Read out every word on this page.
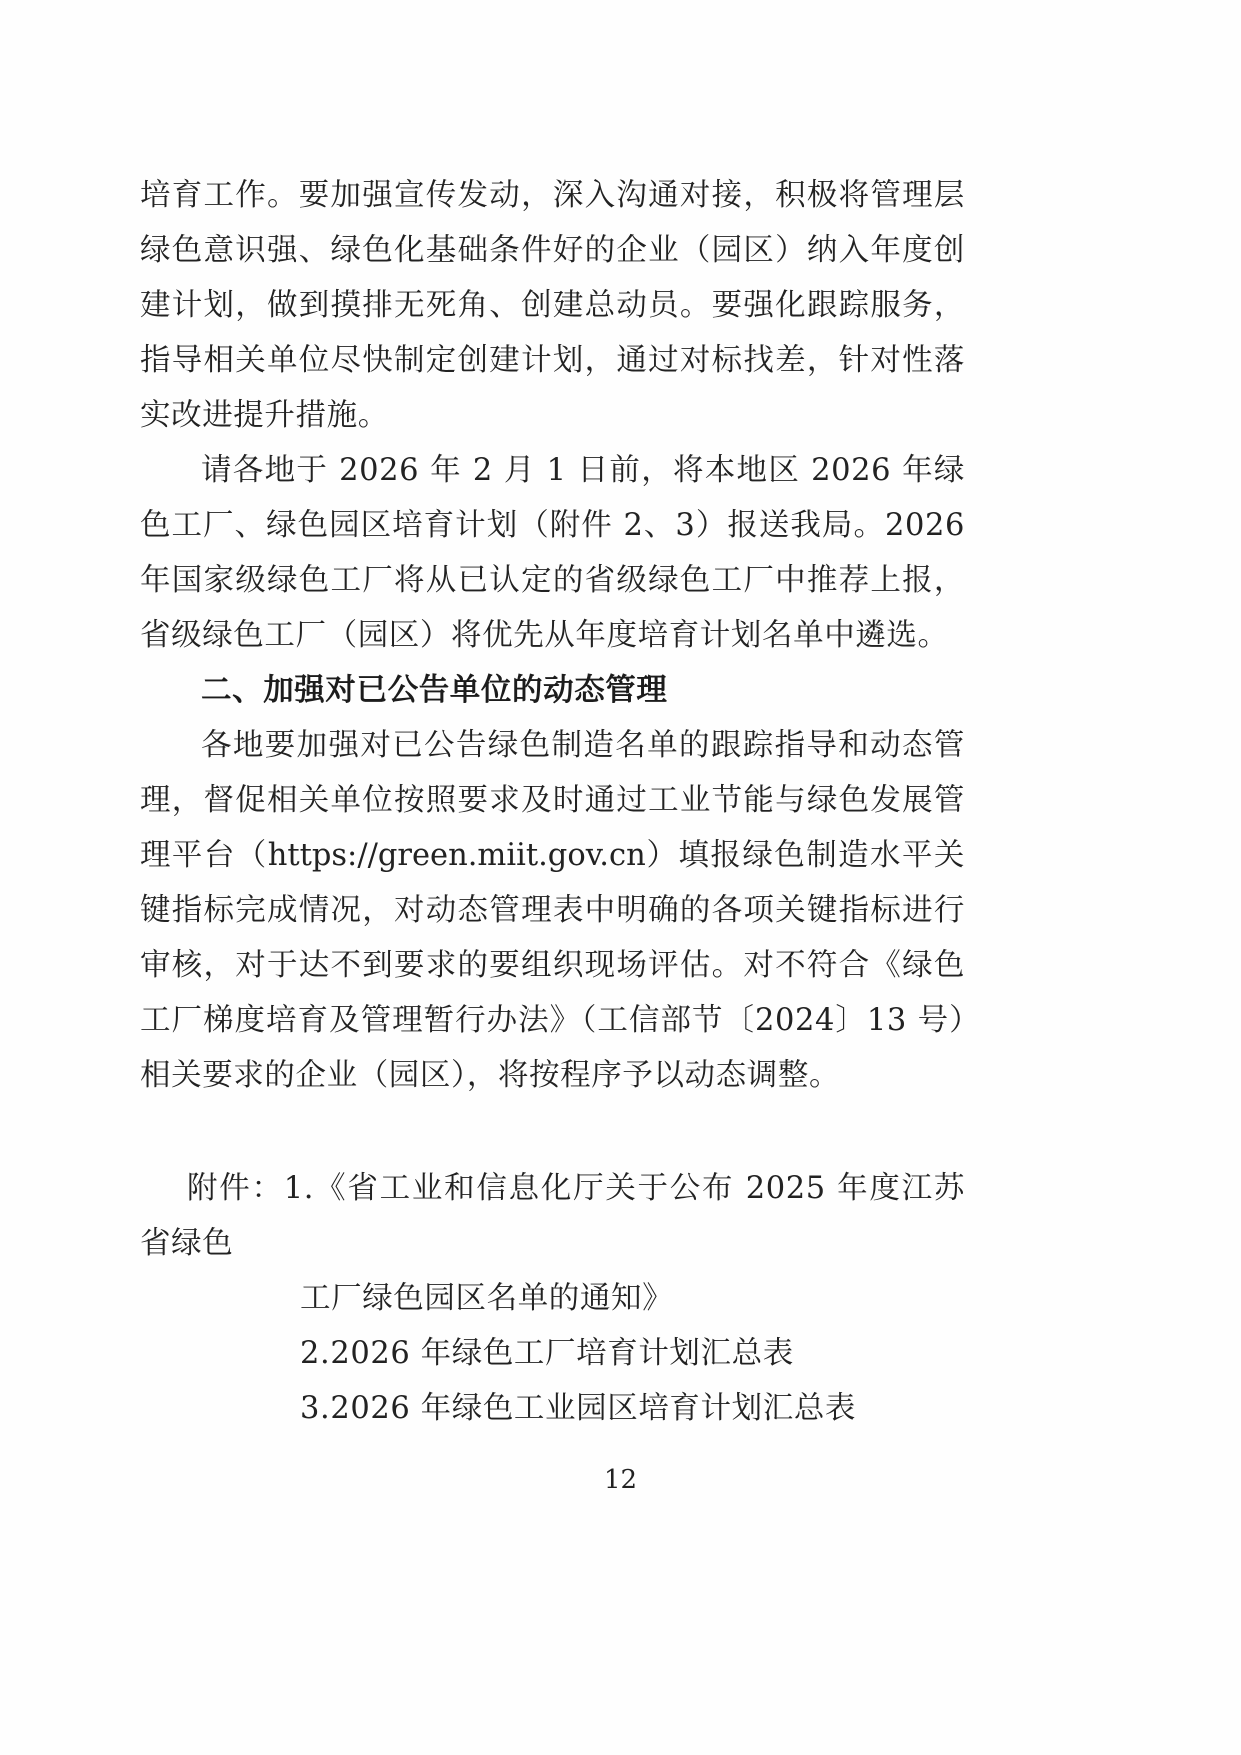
培育工作。要加强宣传发动，深入沟通对接，积极将管理层绿色意识强、绿色化基础条件好的企业（园区）纳入年度创建计划，做到摸排无死角、创建总动员。要强化跟踪服务，指导相关单位尽快制定创建计划，通过对标找差，针对性落实改进提升措施。

请各地于 2026 年 2 月 1 日前，将本地区 2026 年绿色工厂、绿色园区培育计划（附件 2、3）报送我局。2026 年国家级绿色工厂将从已认定的省级绿色工厂中推荐上报，省级绿色工厂（园区）将优先从年度培育计划名单中遴选。

二、加强对已公告单位的动态管理

各地要加强对已公告绿色制造名单的跟踪指导和动态管理，督促相关单位按照要求及时通过工业节能与绿色发展管理平台（https://green.miit.gov.cn）填报绿色制造水平关键指标完成情况，对动态管理表中明确的各项关键指标进行审核，对于达不到要求的要组织现场评估。对不符合《绿色工厂梯度培育及管理暂行办法》（工信部节〔2024〕13 号）相关要求的企业（园区），将按程序予以动态调整。

附件：1.《省工业和信息化厅关于公布 2025 年度江苏省绿色

工厂绿色园区名单的通知》

2.2026 年绿色工厂培育计划汇总表

3.2026 年绿色工业园区培育计划汇总表

12
